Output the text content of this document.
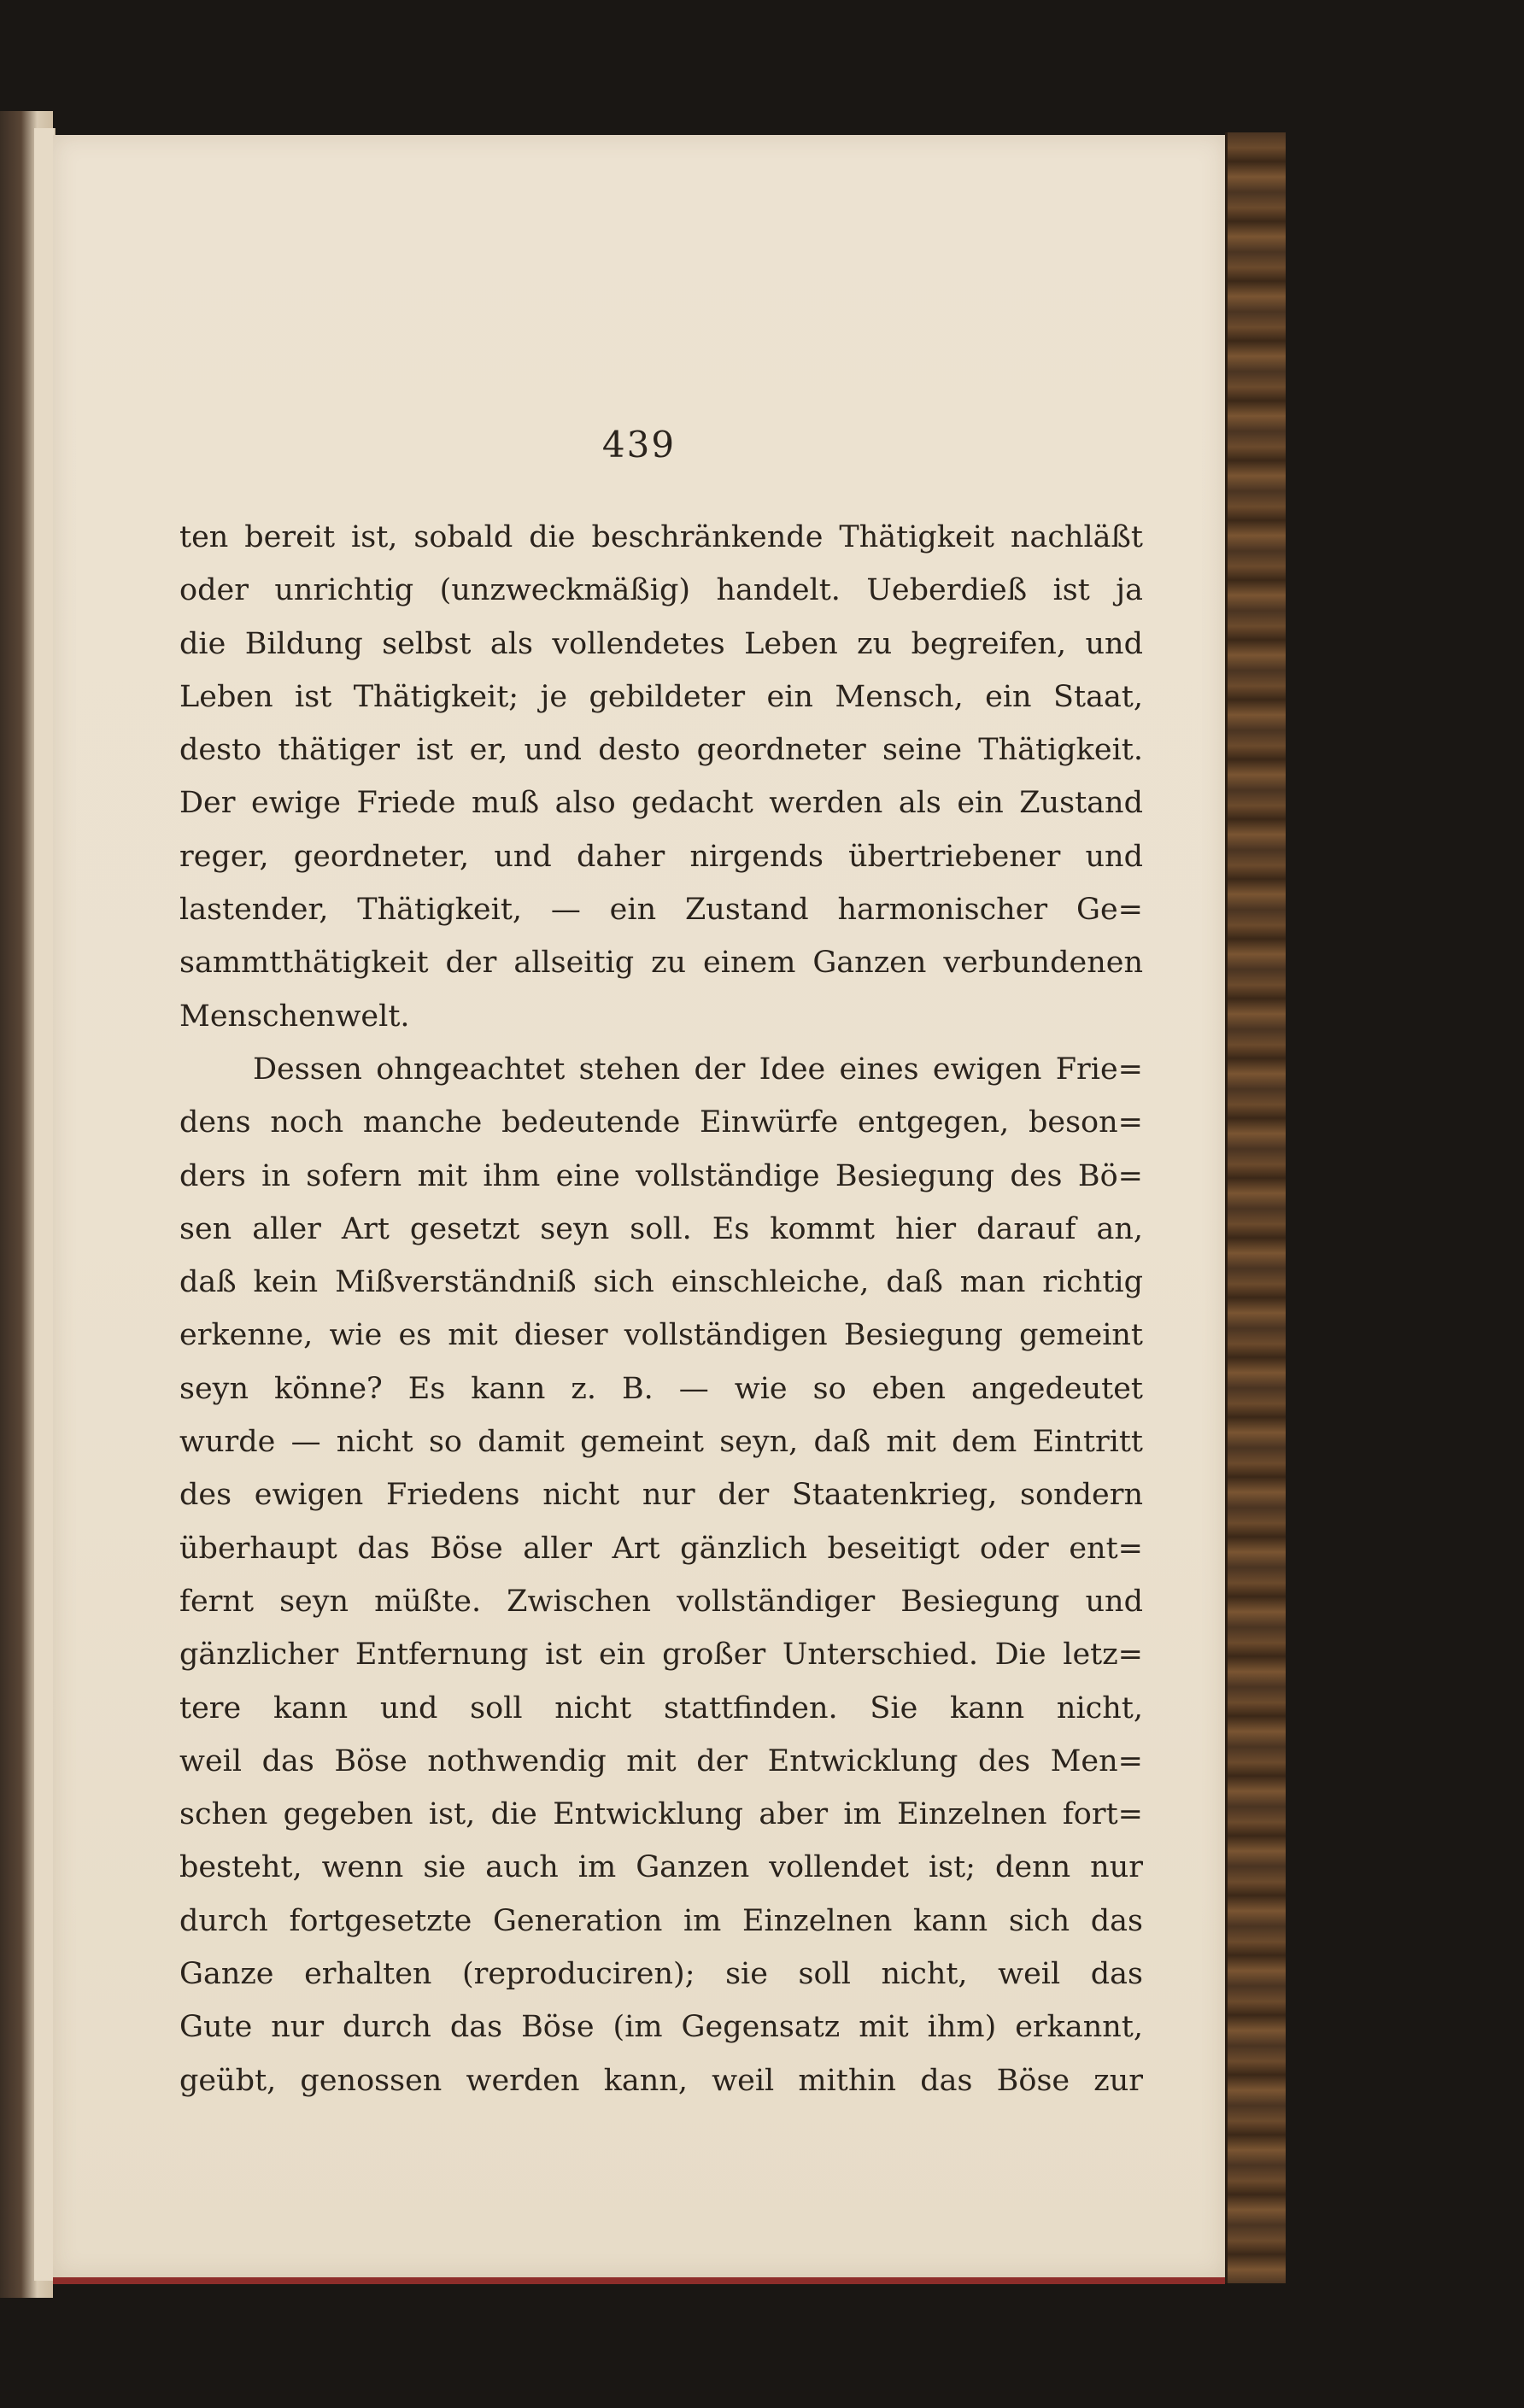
439
ten bereit ist, sobald die beschränkende Thätigkeit nachläßt
oder unrichtig (unzweckmäßig) handelt. Ueberdieß ist ja
die Bildung selbst als vollendetes Leben zu begreifen, und
Leben ist Thätigkeit; je gebildeter ein Mensch, ein Staat,
desto thätiger ist er, und desto geordneter seine Thätigkeit.
Der ewige Friede muß also gedacht werden als ein Zustand
reger, geordneter, und daher nirgends übertriebener und
lastender, Thätigkeit, — ein Zustand harmonischer Ge=
sammtthätigkeit der allseitig zu einem Ganzen verbundenen
Menschenwelt.
Dessen ohngeachtet stehen der Idee eines ewigen Frie=
dens noch manche bedeutende Einwürfe entgegen, beson=
ders in sofern mit ihm eine vollständige Besiegung des Bö=
sen aller Art gesetzt seyn soll. Es kommt hier darauf an,
daß kein Mißverständniß sich einschleiche, daß man richtig
erkenne, wie es mit dieser vollständigen Besiegung gemeint
seyn könne? Es kann z. B. — wie so eben angedeutet
wurde — nicht so damit gemeint seyn, daß mit dem Eintritt
des ewigen Friedens nicht nur der Staatenkrieg, sondern
überhaupt das Böse aller Art gänzlich beseitigt oder ent=
fernt seyn müßte. Zwischen vollständiger Besiegung und
gänzlicher Entfernung ist ein großer Unterschied. Die letz=
tere kann und soll nicht stattfinden. Sie kann nicht,
weil das Böse nothwendig mit der Entwicklung des Men=
schen gegeben ist, die Entwicklung aber im Einzelnen fort=
besteht, wenn sie auch im Ganzen vollendet ist; denn nur
durch fortgesetzte Generation im Einzelnen kann sich das
Ganze erhalten (reproduciren); sie soll nicht, weil das
Gute nur durch das Böse (im Gegensatz mit ihm) erkannt,
geübt, genossen werden kann, weil mithin das Böse zur
